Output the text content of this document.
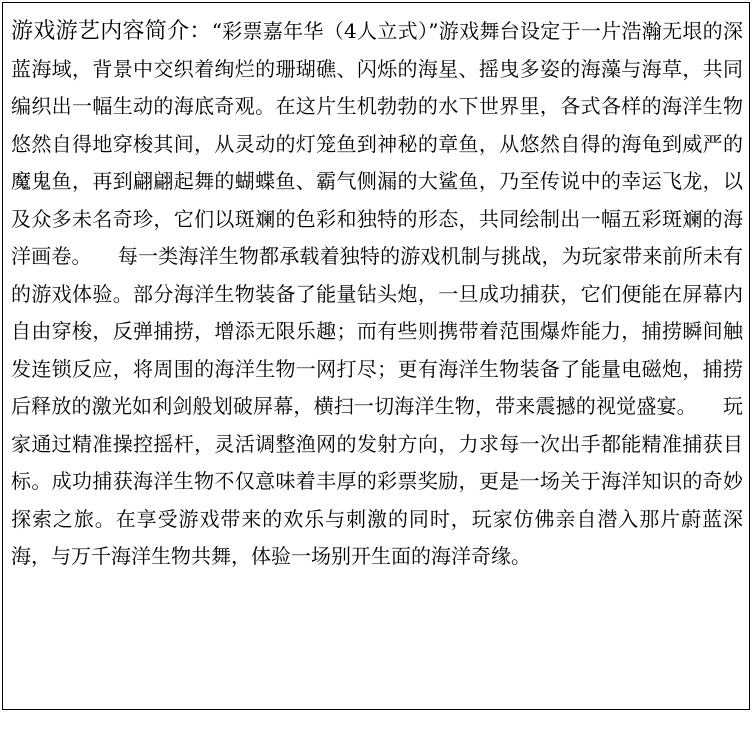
游戏游艺内容简介：“彩票嘉年华（4人立式）”游戏舞台设定于一片浩瀚无垠的深蓝海域，背景中交织着绚烂的珊瑚礁、闪烁的海星、摇曳多姿的海藻与海草，共同编织出一幅生动的海底奇观。在这片生机勃勃的水下世界里，各式各样的海洋生物悠然自得地穿梭其间，从灵动的灯笼鱼到神秘的章鱼，从悠然自得的海龟到威严的魔鬼鱼，再到翩翩起舞的蝴蝶鱼、霸气侧漏的大鲨鱼，乃至传说中的幸运飞龙，以及众多未名奇珍，它们以斑斓的色彩和独特的形态，共同绘制出一幅五彩斑斓的海洋画卷。 每一类海洋生物都承载着独特的游戏机制与挑战，为玩家带来前所未有的游戏体验。部分海洋生物装备了能量钻头炮，一旦成功捕获，它们便能在屏幕内自由穿梭，反弹捕捞，增添无限乐趣；而有些则携带着范围爆炸能力，捕捞瞬间触发连锁反应，将周围的海洋生物一网打尽；更有海洋生物装备了能量电磁炮，捕捞后释放的激光如利剑般划破屏幕，横扫一切海洋生物，带来震撼的视觉盛宴。 玩家通过精准操控摇杆，灵活调整渔网的发射方向，力求每一次出手都能精准捕获目标。成功捕获海洋生物不仅意味着丰厚的彩票奖励，更是一场关于海洋知识的奇妙探索之旅。在享受游戏带来的欢乐与刺激的同时，玩家仿佛亲自潜入那片蔚蓝深海，与万千海洋生物共舞，体验一场别开生面的海洋奇缘。
